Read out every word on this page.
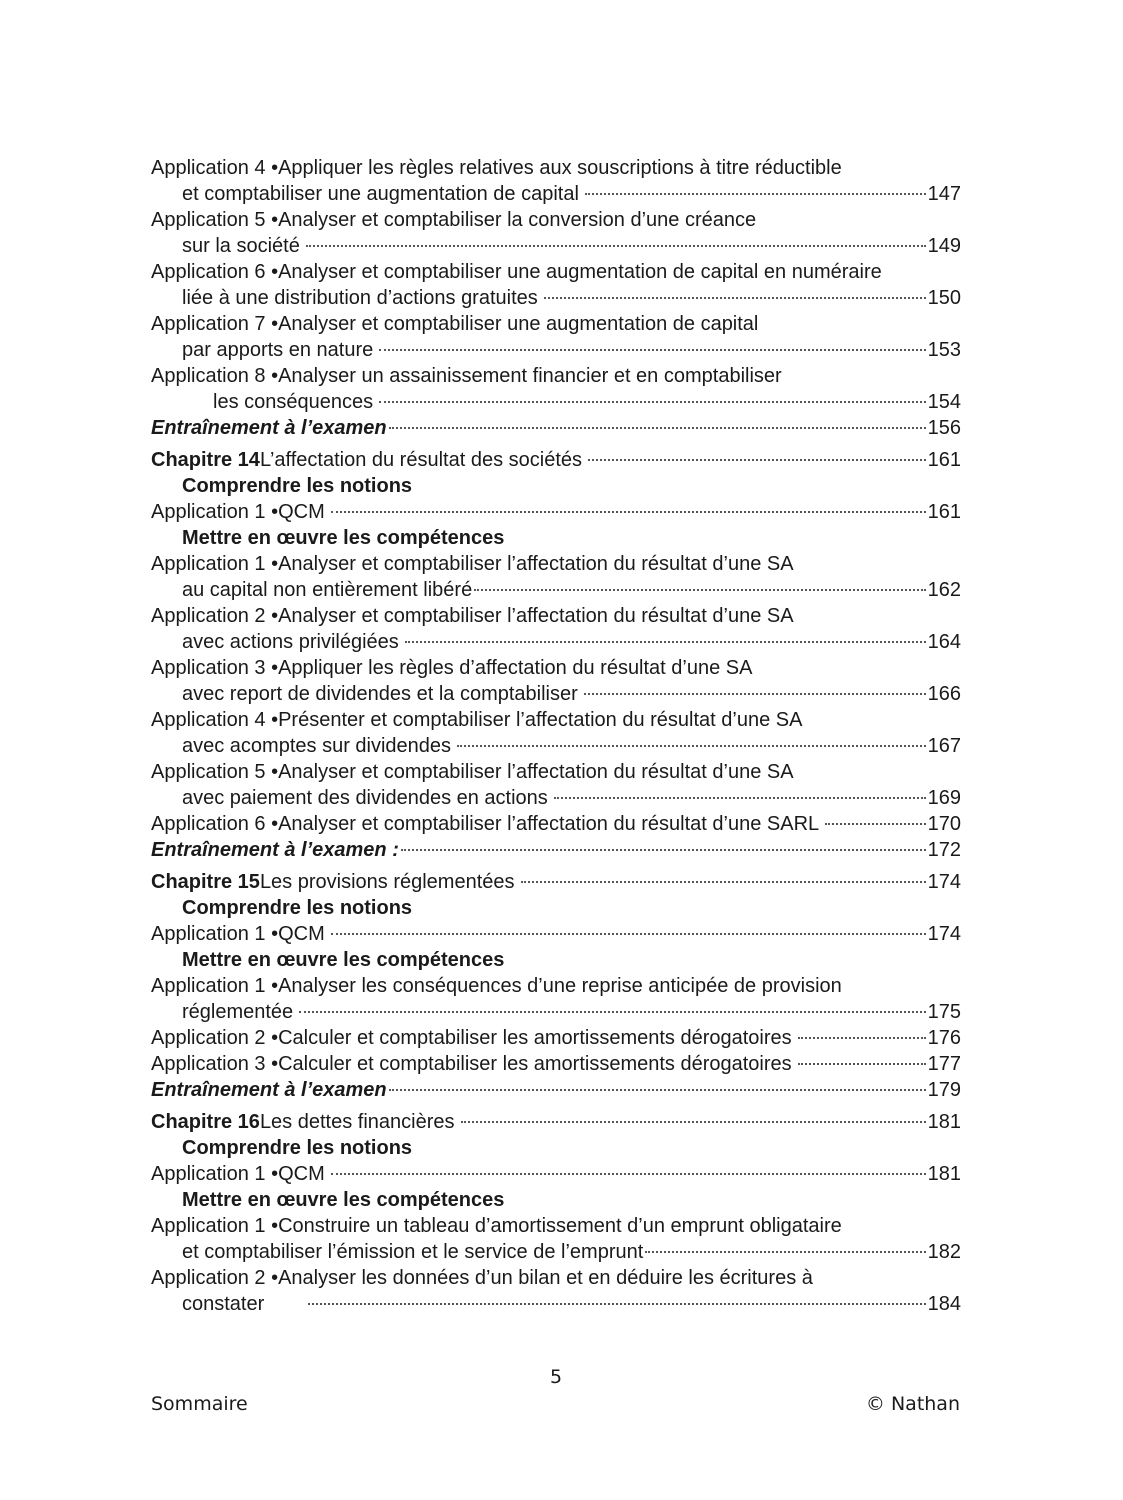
Application 4 • Appliquer les règles relatives aux souscriptions à titre réductible
et comptabiliser une augmentation de capital	147
Application 5 • Analyser et comptabiliser la conversion d’une créance
sur la société	149
Application 6 • Analyser et comptabiliser une augmentation de capital en numéraire
liée à une distribution d’actions gratuites	150
Application 7 • Analyser et comptabiliser une augmentation de capital
par apports en nature	153
Application 8 • Analyser un assainissement financier et en comptabiliser
les conséquences	154
Entraînement à l’examen	156
Chapitre 14 L’affectation du résultat des sociétés	161
Comprendre les notions
Application 1 • QCM	161
Mettre en œuvre les compétences
Application 1 • Analyser et comptabiliser l’affectation du résultat d’une SA
au capital non entièrement libéré	162
Application 2 • Analyser et comptabiliser l’affectation du résultat d’une SA
avec actions privilégiées	164
Application 3 • Appliquer les règles d’affectation du résultat d’une SA
avec report de dividendes et la comptabiliser	166
Application 4 • Présenter et comptabiliser l’affectation du résultat d’une SA
avec acomptes sur dividendes	167
Application 5 • Analyser et comptabiliser l’affectation du résultat d’une SA
avec paiement des dividendes en actions	169
Application 6 • Analyser et comptabiliser l’affectation du résultat d’une SARL	170
Entraînement à l’examen :	172
Chapitre 15 Les provisions réglementées	174
Comprendre les notions
Application 1 • QCM	174
Mettre en œuvre les compétences
Application 1 • Analyser les conséquences d’une reprise anticipée de provision
réglementée	175
Application 2 • Calculer et comptabiliser les amortissements dérogatoires	176
Application 3 • Calculer et comptabiliser les amortissements dérogatoires	177
Entraînement à l’examen	179
Chapitre 16 Les dettes financières	181
Comprendre les notions
Application 1 • QCM	181
Mettre en œuvre les compétences
Application 1 • Construire un tableau d’amortissement d’un emprunt obligataire
et comptabiliser l’émission et le service de l’emprunt	182
Application 2 • Analyser les données d’un bilan et en déduire les écritures à
constater	184
5
Sommaire	© Nathan
